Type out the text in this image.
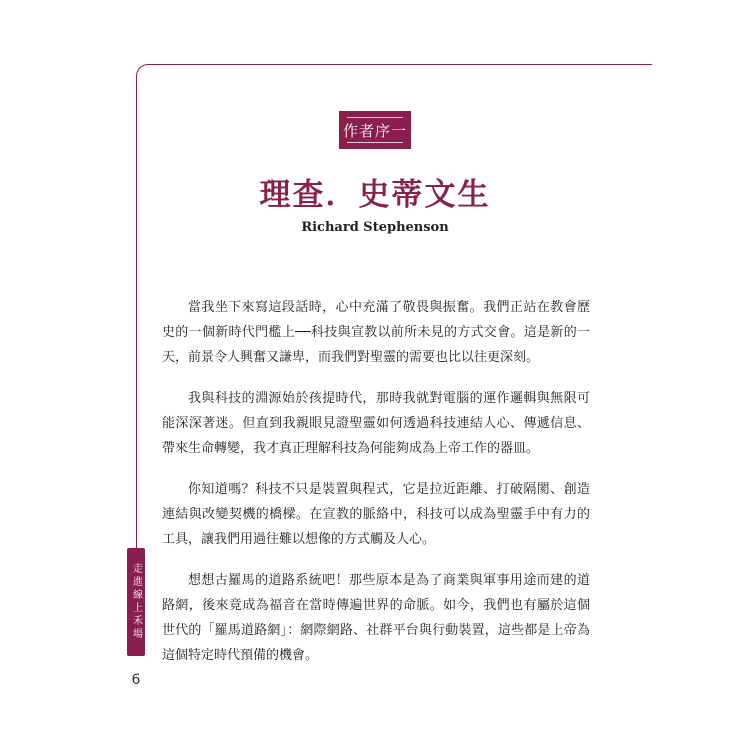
作者序一
理查．史蒂文生
Richard Stephenson

當我坐下來寫這段話時，心中充滿了敬畏與振奮。我們正站在教會歷史的一個新時代門檻上──科技與宣教以前所未見的方式交會。這是新的一天，前景令人興奮又謙卑，而我們對聖靈的需要也比以往更深刻。

我與科技的淵源始於孩提時代，那時我就對電腦的運作邏輯與無限可能深深著迷。但直到我親眼見證聖靈如何透過科技連結人心、傳遞信息、帶來生命轉變，我才真正理解科技為何能夠成為上帝工作的器皿。

你知道嗎？科技不只是裝置與程式，它是拉近距離、打破隔閡、創造連結與改變契機的橋樑。在宣教的脈絡中，科技可以成為聖靈手中有力的工具，讓我們用過往難以想像的方式觸及人心。

想想古羅馬的道路系統吧！那些原本是為了商業與軍事用途而建的道路網，後來竟成為福音在當時傳遍世界的命脈。如今，我們也有屬於這個世代的「羅馬道路網」：網際網路、社群平台與行動裝置，這些都是上帝為這個特定時代預備的機會。

走進線上禾場
6
